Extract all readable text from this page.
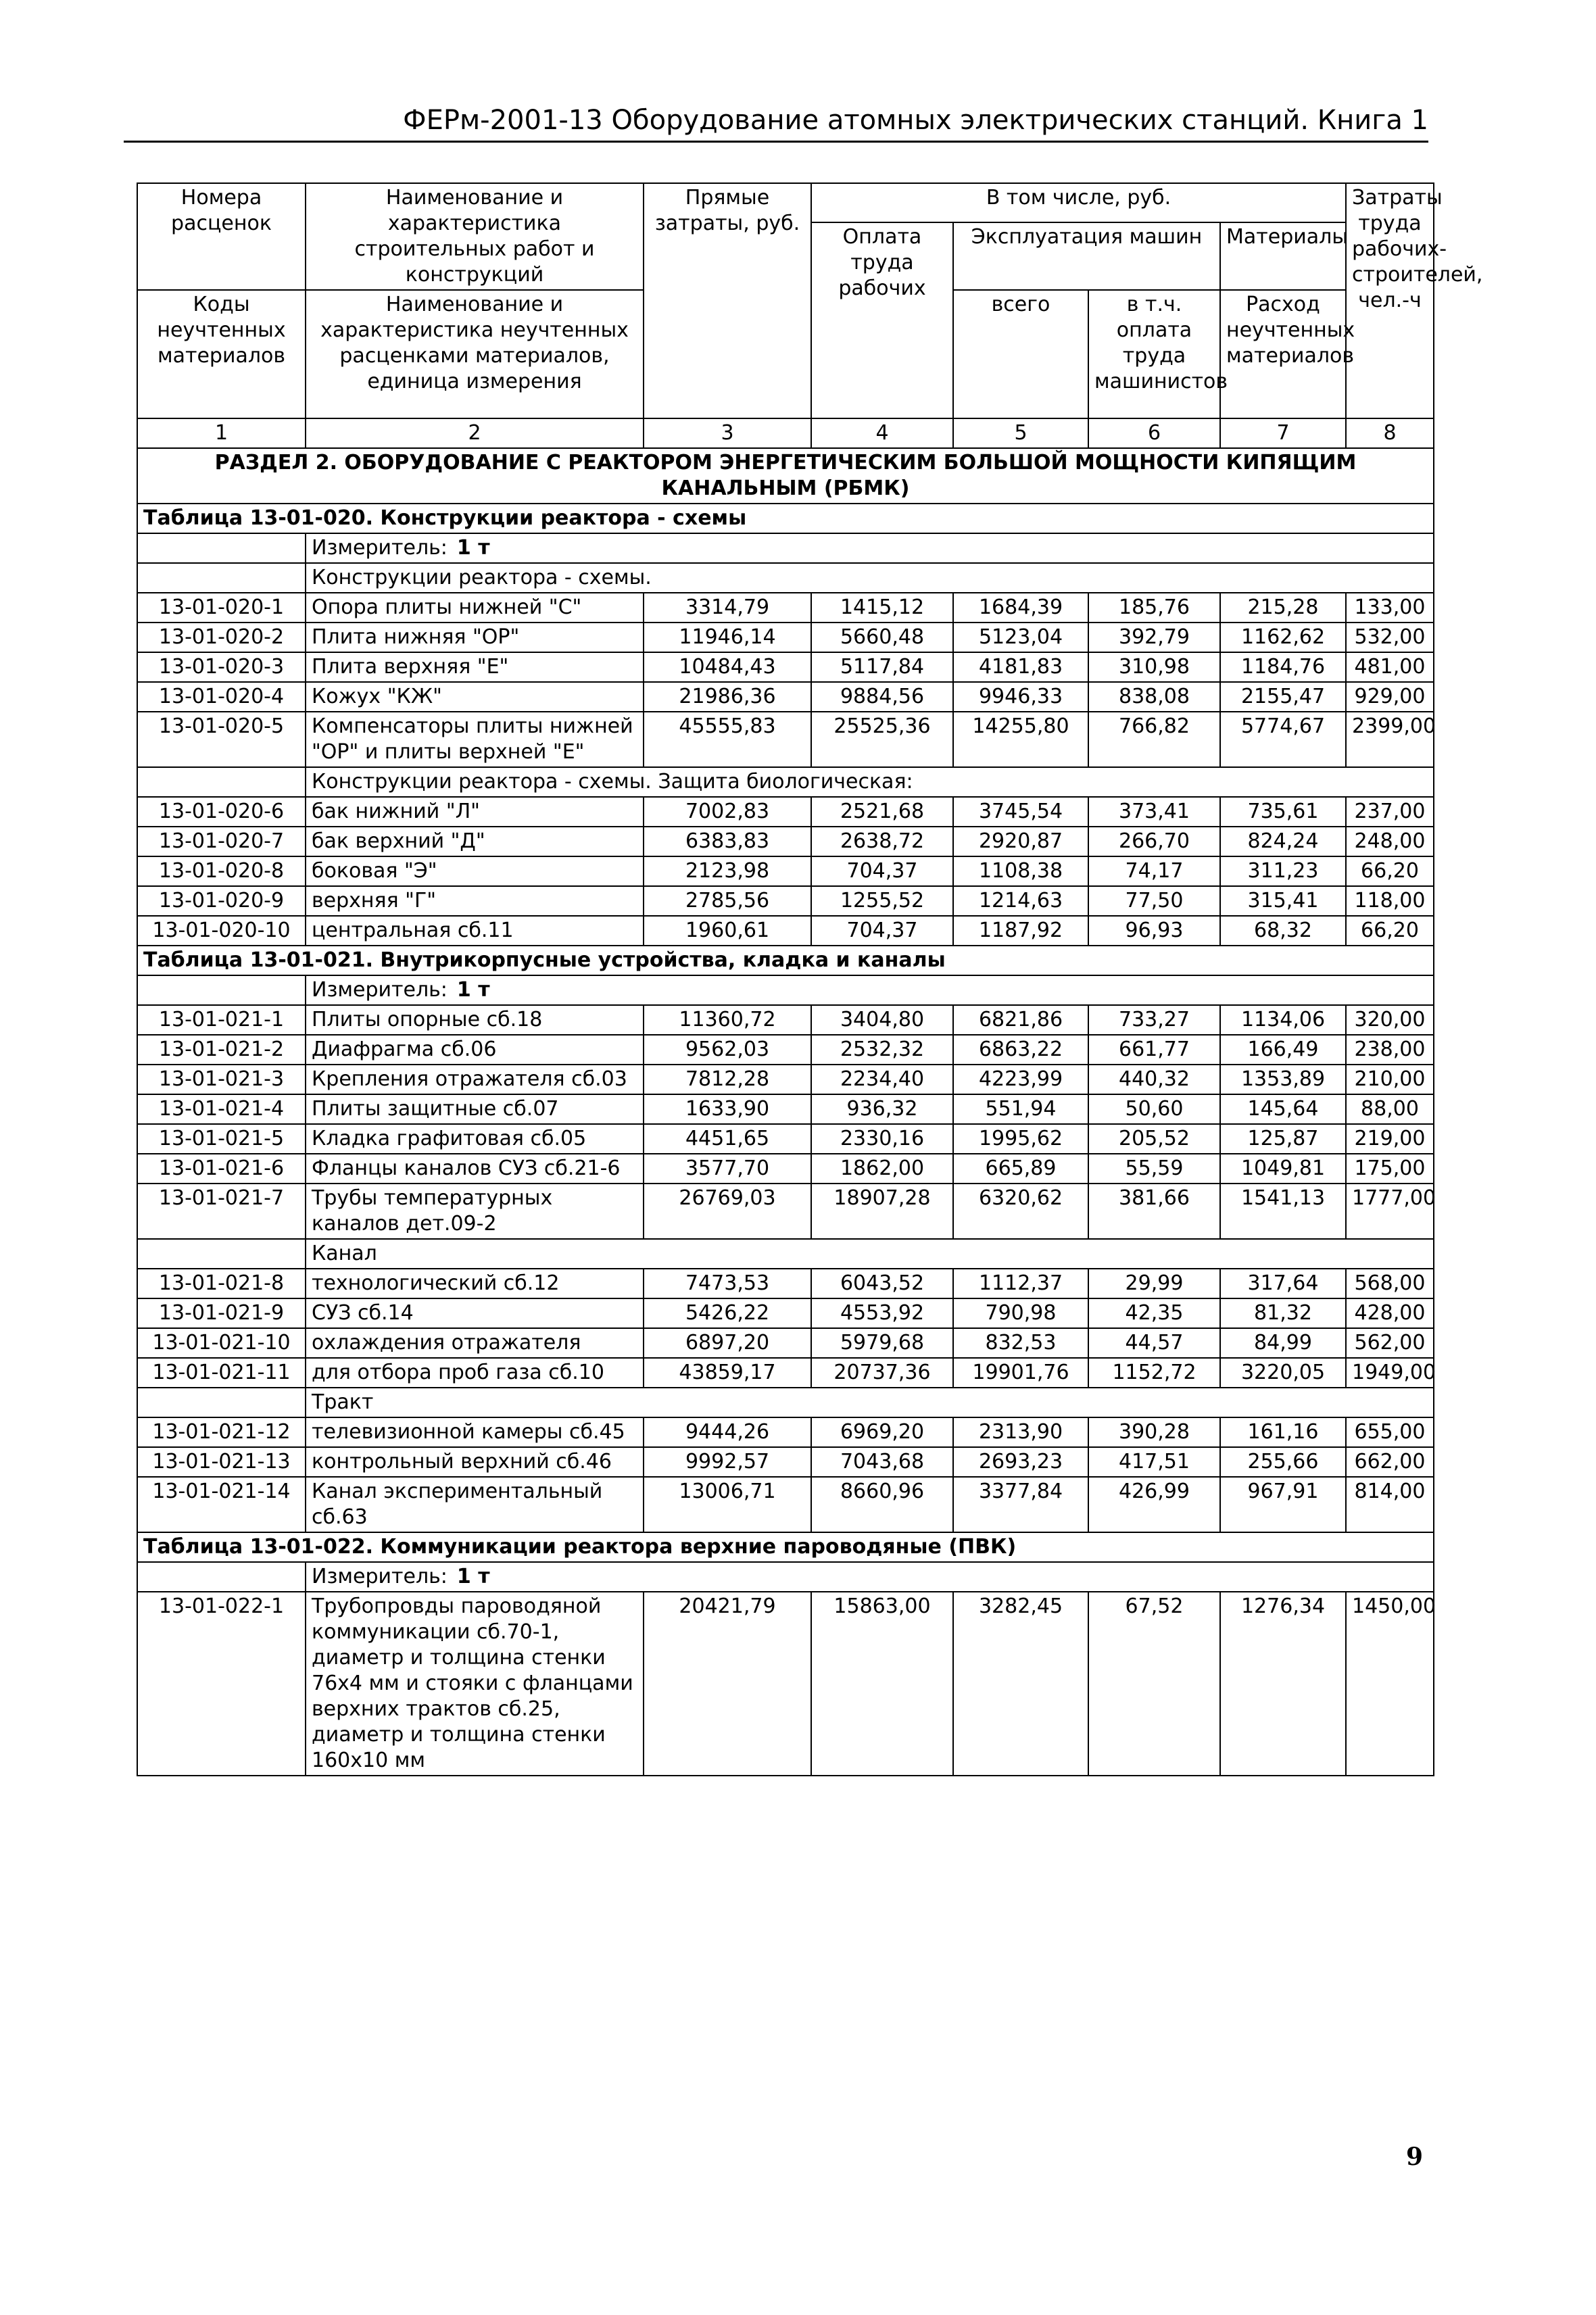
ФЕРм-2001-13 Оборудование атомных электрических станций. Книга 1
Номера расценок	Наименование и характеристика строительных работ и конструкций	Прямые затраты, руб.	В том числе, руб.				Затраты труда рабочих-строителей, чел.-ч
			Оплата труда рабочих	Эксплуатация машин		Материалы	
Коды неучтенных материалов	Наименование и характеристика неучтенных расценками материалов, единица измерения			всего	в т.ч. оплата труда машинистов	Расход неучтенных материалов	
1	2	3	4	5	6	7	8
РАЗДЕЛ 2. ОБОРУДОВАНИЕ С РЕАКТОРОМ ЭНЕРГЕТИЧЕСКИМ БОЛЬШОЙ МОЩНОСТИ КИПЯЩИМ КАНАЛЬНЫМ (РБМК)							
Таблица 13-01-020. Конструкции реактора - схемы							
	Измеритель: 1 т						
	Конструкции реактора - схемы.						
13-01-020-1	Опора плиты нижней "С"	3314,79	1415,12	1684,39	185,76	215,28	133,00
13-01-020-2	Плита нижняя "ОР"	11946,14	5660,48	5123,04	392,79	1162,62	532,00
13-01-020-3	Плита верхняя "Е"	10484,43	5117,84	4181,83	310,98	1184,76	481,00
13-01-020-4	Кожух "КЖ"	21986,36	9884,56	9946,33	838,08	2155,47	929,00
13-01-020-5	Компенсаторы плиты нижней "ОР" и плиты верхней "Е"	45555,83	25525,36	14255,80	766,82	5774,67	2399,00
	Конструкции реактора - схемы. Защита биологическая:						
13-01-020-6	бак нижний "Л"	7002,83	2521,68	3745,54	373,41	735,61	237,00
13-01-020-7	бак верхний "Д"	6383,83	2638,72	2920,87	266,70	824,24	248,00
13-01-020-8	боковая "Э"	2123,98	704,37	1108,38	74,17	311,23	66,20
13-01-020-9	верхняя "Г"	2785,56	1255,52	1214,63	77,50	315,41	118,00
13-01-020-10	центральная сб.11	1960,61	704,37	1187,92	96,93	68,32	66,20
Таблица 13-01-021. Внутрикорпусные устройства, кладка и каналы							
	Измеритель: 1 т						
13-01-021-1	Плиты опорные сб.18	11360,72	3404,80	6821,86	733,27	1134,06	320,00
13-01-021-2	Диафрагма сб.06	9562,03	2532,32	6863,22	661,77	166,49	238,00
13-01-021-3	Крепления отражателя сб.03	7812,28	2234,40	4223,99	440,32	1353,89	210,00
13-01-021-4	Плиты защитные сб.07	1633,90	936,32	551,94	50,60	145,64	88,00
13-01-021-5	Кладка графитовая сб.05	4451,65	2330,16	1995,62	205,52	125,87	219,00
13-01-021-6	Фланцы каналов СУЗ сб.21-6	3577,70	1862,00	665,89	55,59	1049,81	175,00
13-01-021-7	Трубы температурных каналов дет.09-2	26769,03	18907,28	6320,62	381,66	1541,13	1777,00
	Канал						
13-01-021-8	технологический сб.12	7473,53	6043,52	1112,37	29,99	317,64	568,00
13-01-021-9	СУЗ сб.14	5426,22	4553,92	790,98	42,35	81,32	428,00
13-01-021-10	охлаждения отражателя	6897,20	5979,68	832,53	44,57	84,99	562,00
13-01-021-11	для отбора проб газа сб.10	43859,17	20737,36	19901,76	1152,72	3220,05	1949,00
	Тракт						
13-01-021-12	телевизионной камеры сб.45	9444,26	6969,20	2313,90	390,28	161,16	655,00
13-01-021-13	контрольный верхний сб.46	9992,57	7043,68	2693,23	417,51	255,66	662,00
13-01-021-14	Канал экспериментальный сб.63	13006,71	8660,96	3377,84	426,99	967,91	814,00
Таблица 13-01-022. Коммуникации реактора верхние пароводяные (ПВК)							
	Измеритель: 1 т						
13-01-022-1	Трубопровды пароводяной коммуникации сб.70-1, диаметр и толщина стенки 76х4 мм и стояки с фланцами верхних трактов сб.25, диаметр и толщина стенки 160х10 мм	20421,79	15863,00	3282,45	67,52	1276,34	1450,00
9
